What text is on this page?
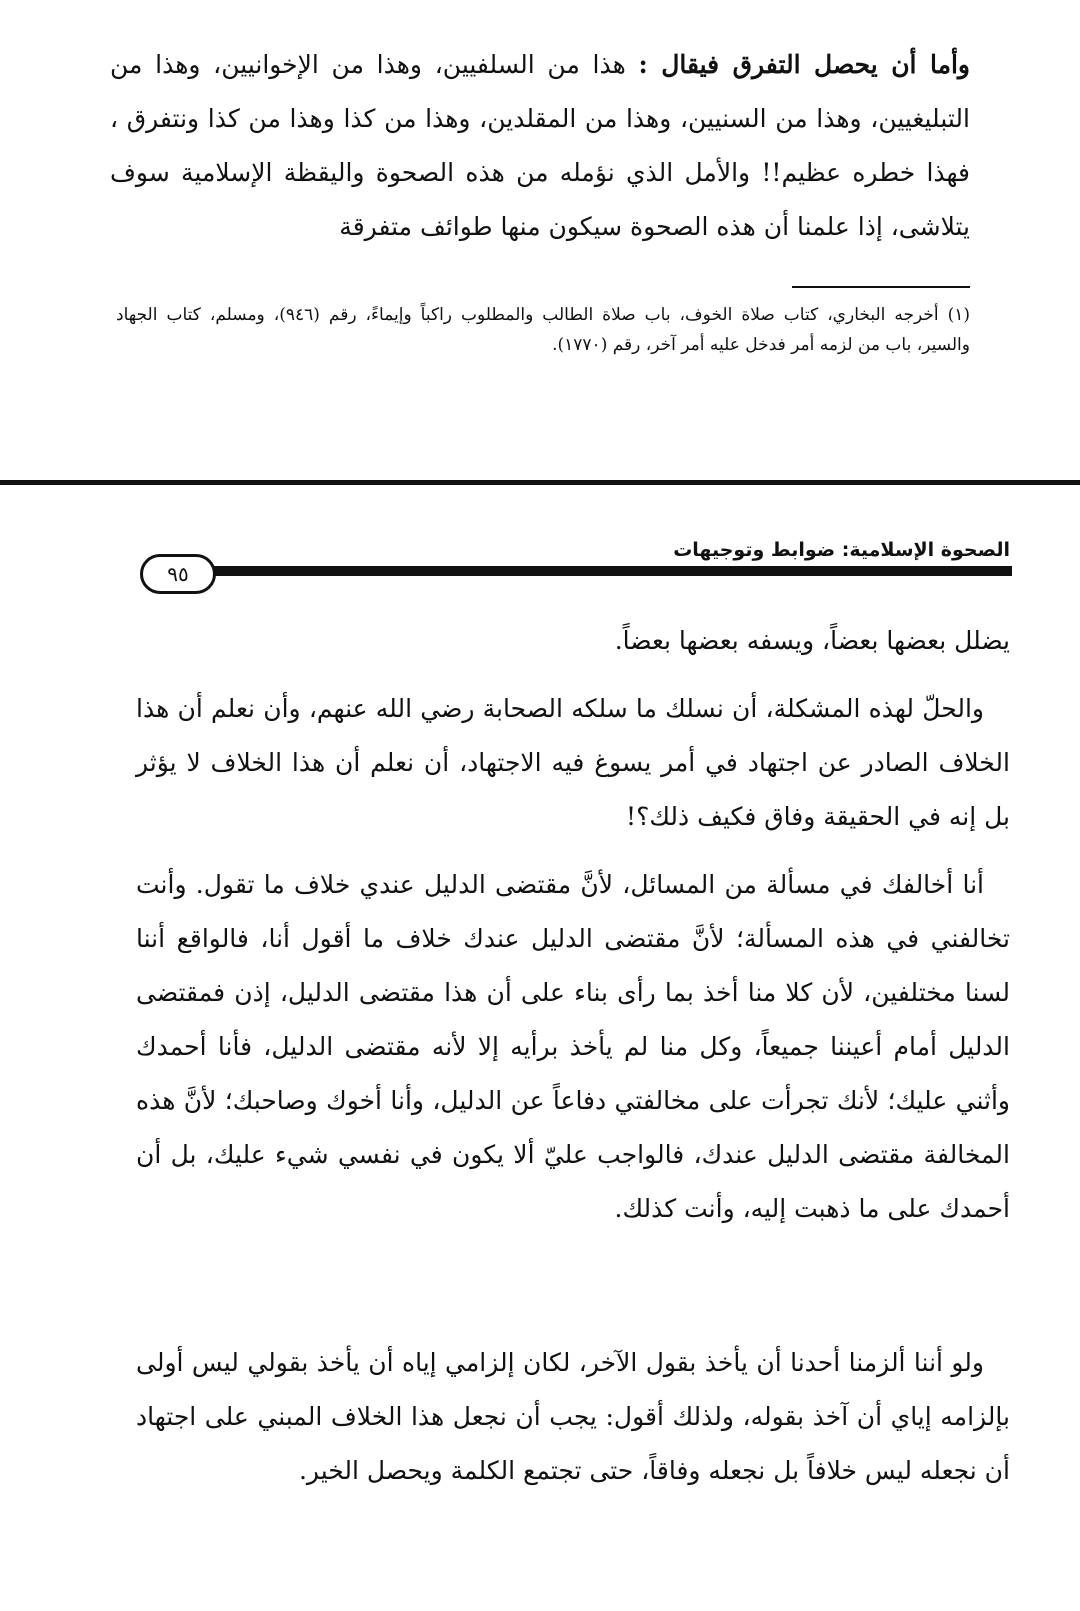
وأما أن يحصل التفرق فيقال : هذا من السلفيين، وهذا من الإخوانيين، وهذا من التبليغيين، وهذا من السنيين، وهذا من المقلدين، وهذا من كذا وهذا من كذا ونتفرق ، فهذا خطره عظيم!! والأمل الذي نؤمله من هذه الصحوة واليقظة الإسلامية سوف يتلاشى، إذا علمنا أن هذه الصحوة سيكون منها طوائف متفرقة

(١) أخرجه البخاري، كتاب صلاة الخوف، باب صلاة الطالب والمطلوب راكباً وإيماءً، رقم (٩٤٦)، ومسلم، كتاب الجهاد والسير، باب من لزمه أمر فدخل عليه أمر آخر، رقم (١٧٧٠).

الصحوة الإسلامية: ضوابط وتوجيهات

٩٥

يضلل بعضها بعضاً، ويسفه بعضها بعضاً.

والحلّ لهذه المشكلة، أن نسلك ما سلكه الصحابة رضي الله عنهم، وأن نعلم أن هذا الخلاف الصادر عن اجتهاد في أمر يسوغ فيه الاجتهاد، أن نعلم أن هذا الخلاف لا يؤثر بل إنه في الحقيقة وفاق فكيف ذلك؟!

أنا أخالفك في مسألة من المسائل، لأنَّ مقتضى الدليل عندي خلاف ما تقول. وأنت تخالفني في هذه المسألة؛ لأنَّ مقتضى الدليل عندك خلاف ما أقول أنا، فالواقع أننا لسنا مختلفين، لأن كلا منا أخذ بما رأى بناء على أن هذا مقتضى الدليل، إذن فمقتضى الدليل أمام أعيننا جميعاً، وكل منا لم يأخذ برأيه إلا لأنه مقتضى الدليل، فأنا أحمدك وأثني عليك؛ لأنك تجرأت على مخالفتي دفاعاً عن الدليل، وأنا أخوك وصاحبك؛ لأنَّ هذه المخالفة مقتضى الدليل عندك، فالواجب عليّ ألا يكون في نفسي شيء عليك، بل أن أحمدك على ما ذهبت إليه، وأنت كذلك.

ولو أننا ألزمنا أحدنا أن يأخذ بقول الآخر، لكان إلزامي إياه أن يأخذ بقولي ليس أولى بإلزامه إياي أن آخذ بقوله، ولذلك أقول: يجب أن نجعل هذا الخلاف المبني على اجتهاد أن نجعله ليس خلافاً بل نجعله وفاقاً، حتى تجتمع الكلمة ويحصل الخير.
